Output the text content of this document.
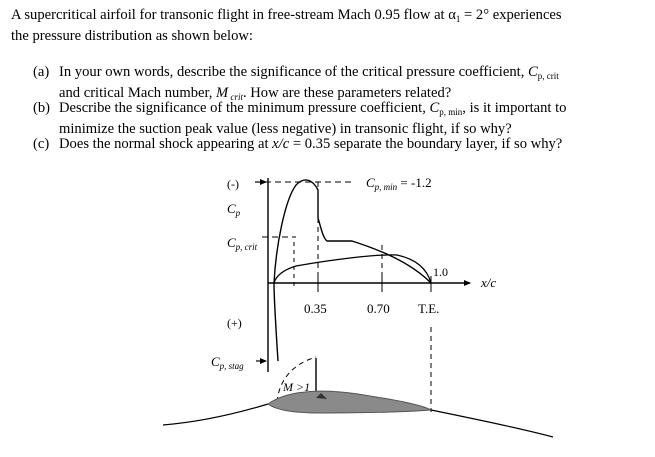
A supercritical airfoil for transonic flight in free-stream Mach 0.95 flow at $\alpha_1 = 2^\circ$ experiences
the pressure distribution as shown below:
(a) In your own words, describe the significance of the critical pressure coefficient, $C_{p, crit}$
and critical Mach number, M $_{crit}$. How are these parameters related?
(b) Describe the significance of the minimum pressure coefficient, $C_{p, min}$, is it important to
minimize the suction peak value (less negative) in transonic flight, if so why?
(c) Does the normal shock appearing at x/c = 0.35 separate the boundary layer, if so why?
(-)
$C_p$
$C_{p, crit}$
(+)
$C_{p, stag}$
$C_{p, min} = -1.2$
0.35	0.70 T.E.
1.0
x/c
M >1
